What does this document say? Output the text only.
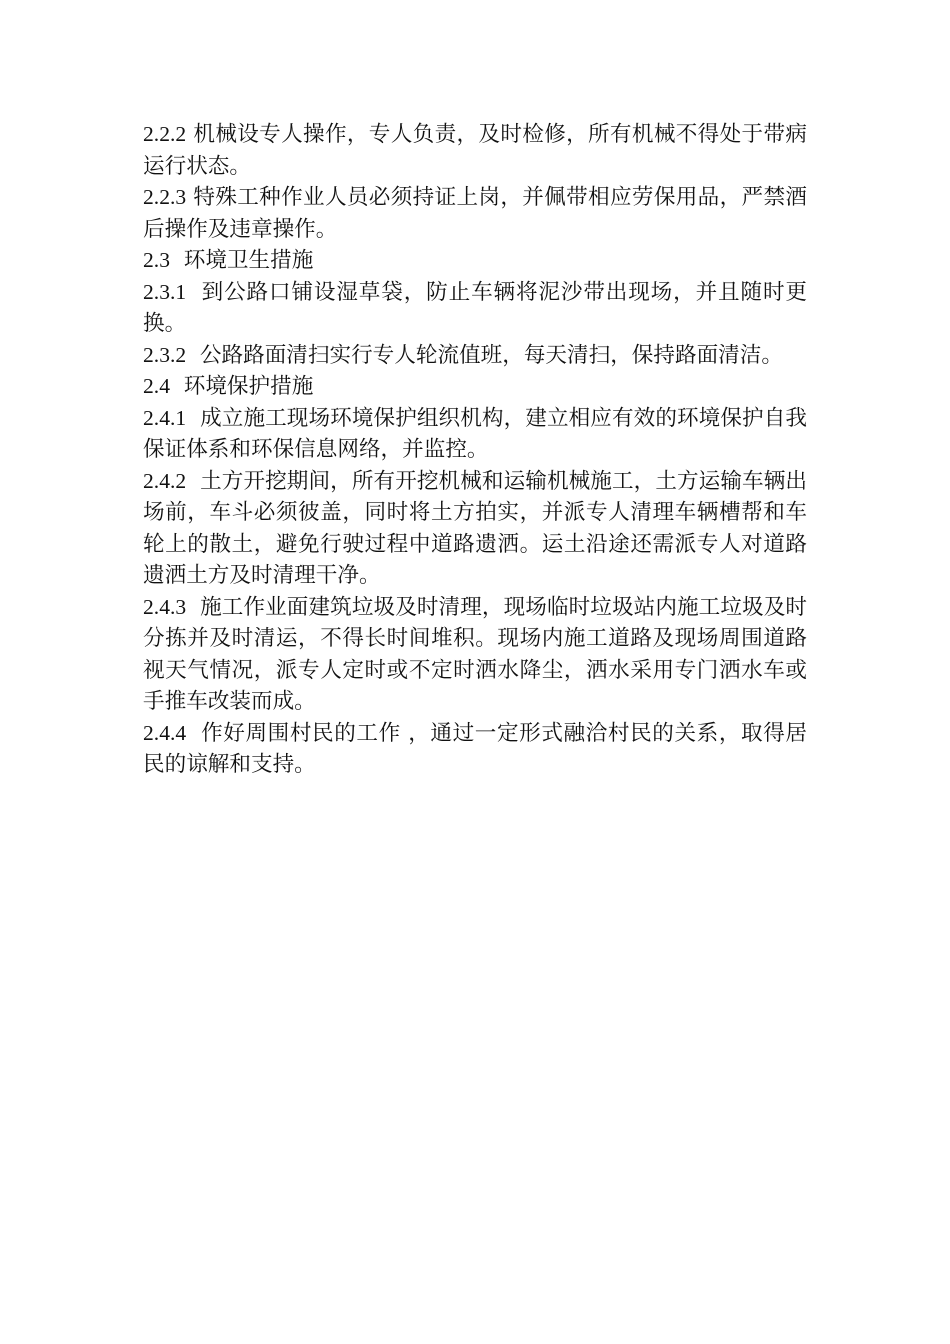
2.2.2 机械设专人操作，专人负责，及时检修，所有机械不得处于带病运行状态。

2.2.3 特殊工种作业人员必须持证上岗，并佩带相应劳保用品，严禁酒后操作及违章操作。

2.3 环境卫生措施

2.3.1 到公路口铺设湿草袋，防止车辆将泥沙带出现场，并且随时更换。

2.3.2 公路路面清扫实行专人轮流值班，每天清扫，保持路面清洁。

2.4 环境保护措施

2.4.1 成立施工现场环境保护组织机构，建立相应有效的环境保护自我保证体系和环保信息网络，并监控。

2.4.2 土方开挖期间，所有开挖机械和运输机械施工，土方运输车辆出场前，车斗必须彼盖，同时将土方拍实，并派专人清理车辆槽帮和车轮上的散土，避免行驶过程中道路遗洒。运土沿途还需派专人对道路遗洒土方及时清理干净。

2.4.3 施工作业面建筑垃圾及时清理，现场临时垃圾站内施工垃圾及时分拣并及时清运，不得长时间堆积。现场内施工道路及现场周围道路视天气情况，派专人定时或不定时洒水降尘，洒水采用专门洒水车或手推车改装而成。

2.4.4 作好周围村民的工作 ，通过一定形式融洽村民的关系，取得居民的谅解和支持。
